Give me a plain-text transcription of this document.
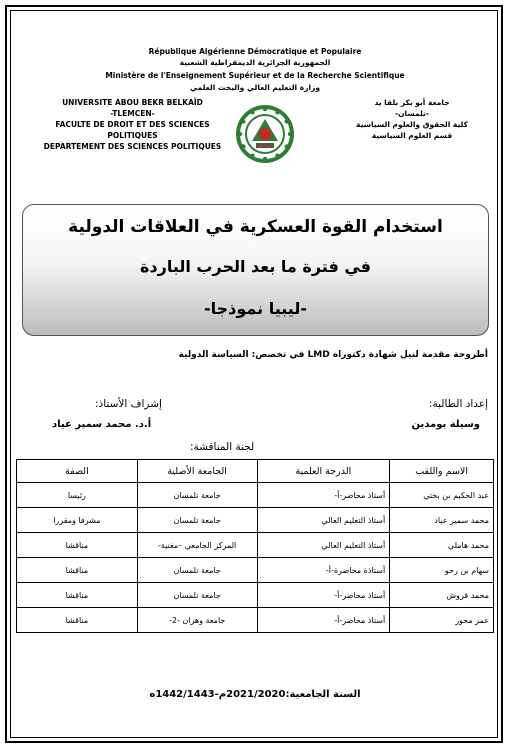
République Algérienne Démocratique et Populaire
الجمهورية الجزائرية الديمقراطية الشعبية
Ministère de l'Enseignement Supérieur et de la Recherche Scientifique
وزارة التعليم العالي والبحث العلمي
UNIVERSITE ABOU BEKR BELKAÏD
-TLEMCEN-
FACULTE DE DROIT ET DES SCIENCES
POLITIQUES
DEPARTEMENT DES SCIENCES POLITIQUES
جامعة أبو بكر بلقا يد
-تلمسان-
كلية الحقوق والعلوم السياسية
قسم العلوم السياسية
استخدام القوة العسكرية في العلاقات الدولية
في فترة ما بعد الحرب الباردة
-ليبيا نموذجا-
أطروحة مقدمة لنيل شهادة دكتوراه LMD في تخصص: السياسة الدولية
إعداد الطالبة:
وسيلة بومدين
إشراف الأستاذ:
أ.د. محمد سمير عياد
لجنة المناقشة:
الاسم واللقب	الدرجة العلمية	الجامعة الأصلية	الصفة
عبد الحكيم بن بختي	أستاذ محاضر-أ-	جامعة تلمسان	رئيسا
محمد سمير عياد	أستاذ التعليم العالي	جامعة تلمسان	مشرفا ومقررا
محمد هاملي	أستاذ التعليم العالي	المركز الجامعي –مغنية-	مناقشا
سهام بن رحو	أستاذة محاضرة-أ-	جامعة تلمسان	مناقشا
محمد قروش	أستاذ محاضر-أ-	جامعة تلمسان	مناقشا
عمر محوز	أستاذ محاضر-أ-	جامعة وهران -2-	مناقشا
السنة الجامعية:2021/2020م-1442/1443ه
